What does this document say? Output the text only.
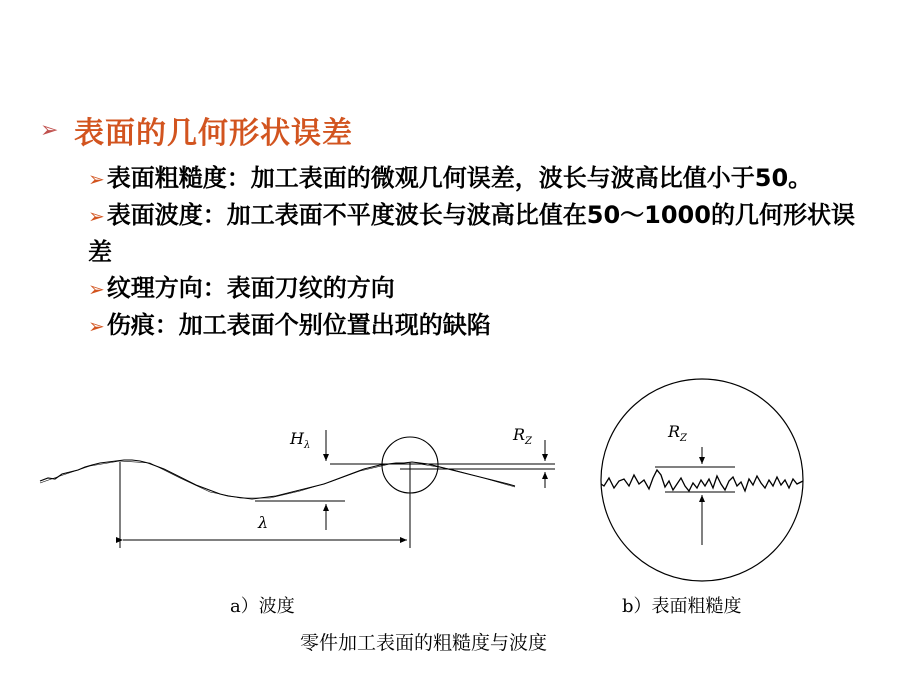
➢ 表面的几何形状误差
➢表面粗糙度：加工表面的微观几何误差，波长与波高比值小于50。
➢表面波度：加工表面不平度波长与波高比值在50～1000的几何形状误差
➢纹理方向：表面刀纹的方向
➢伤痕：加工表面个别位置出现的缺陷
λ
$H_\lambda$
$R_Z$
$R_Z$
a）波度	b）表面粗糙度
零件加工表面的粗糙度与波度
